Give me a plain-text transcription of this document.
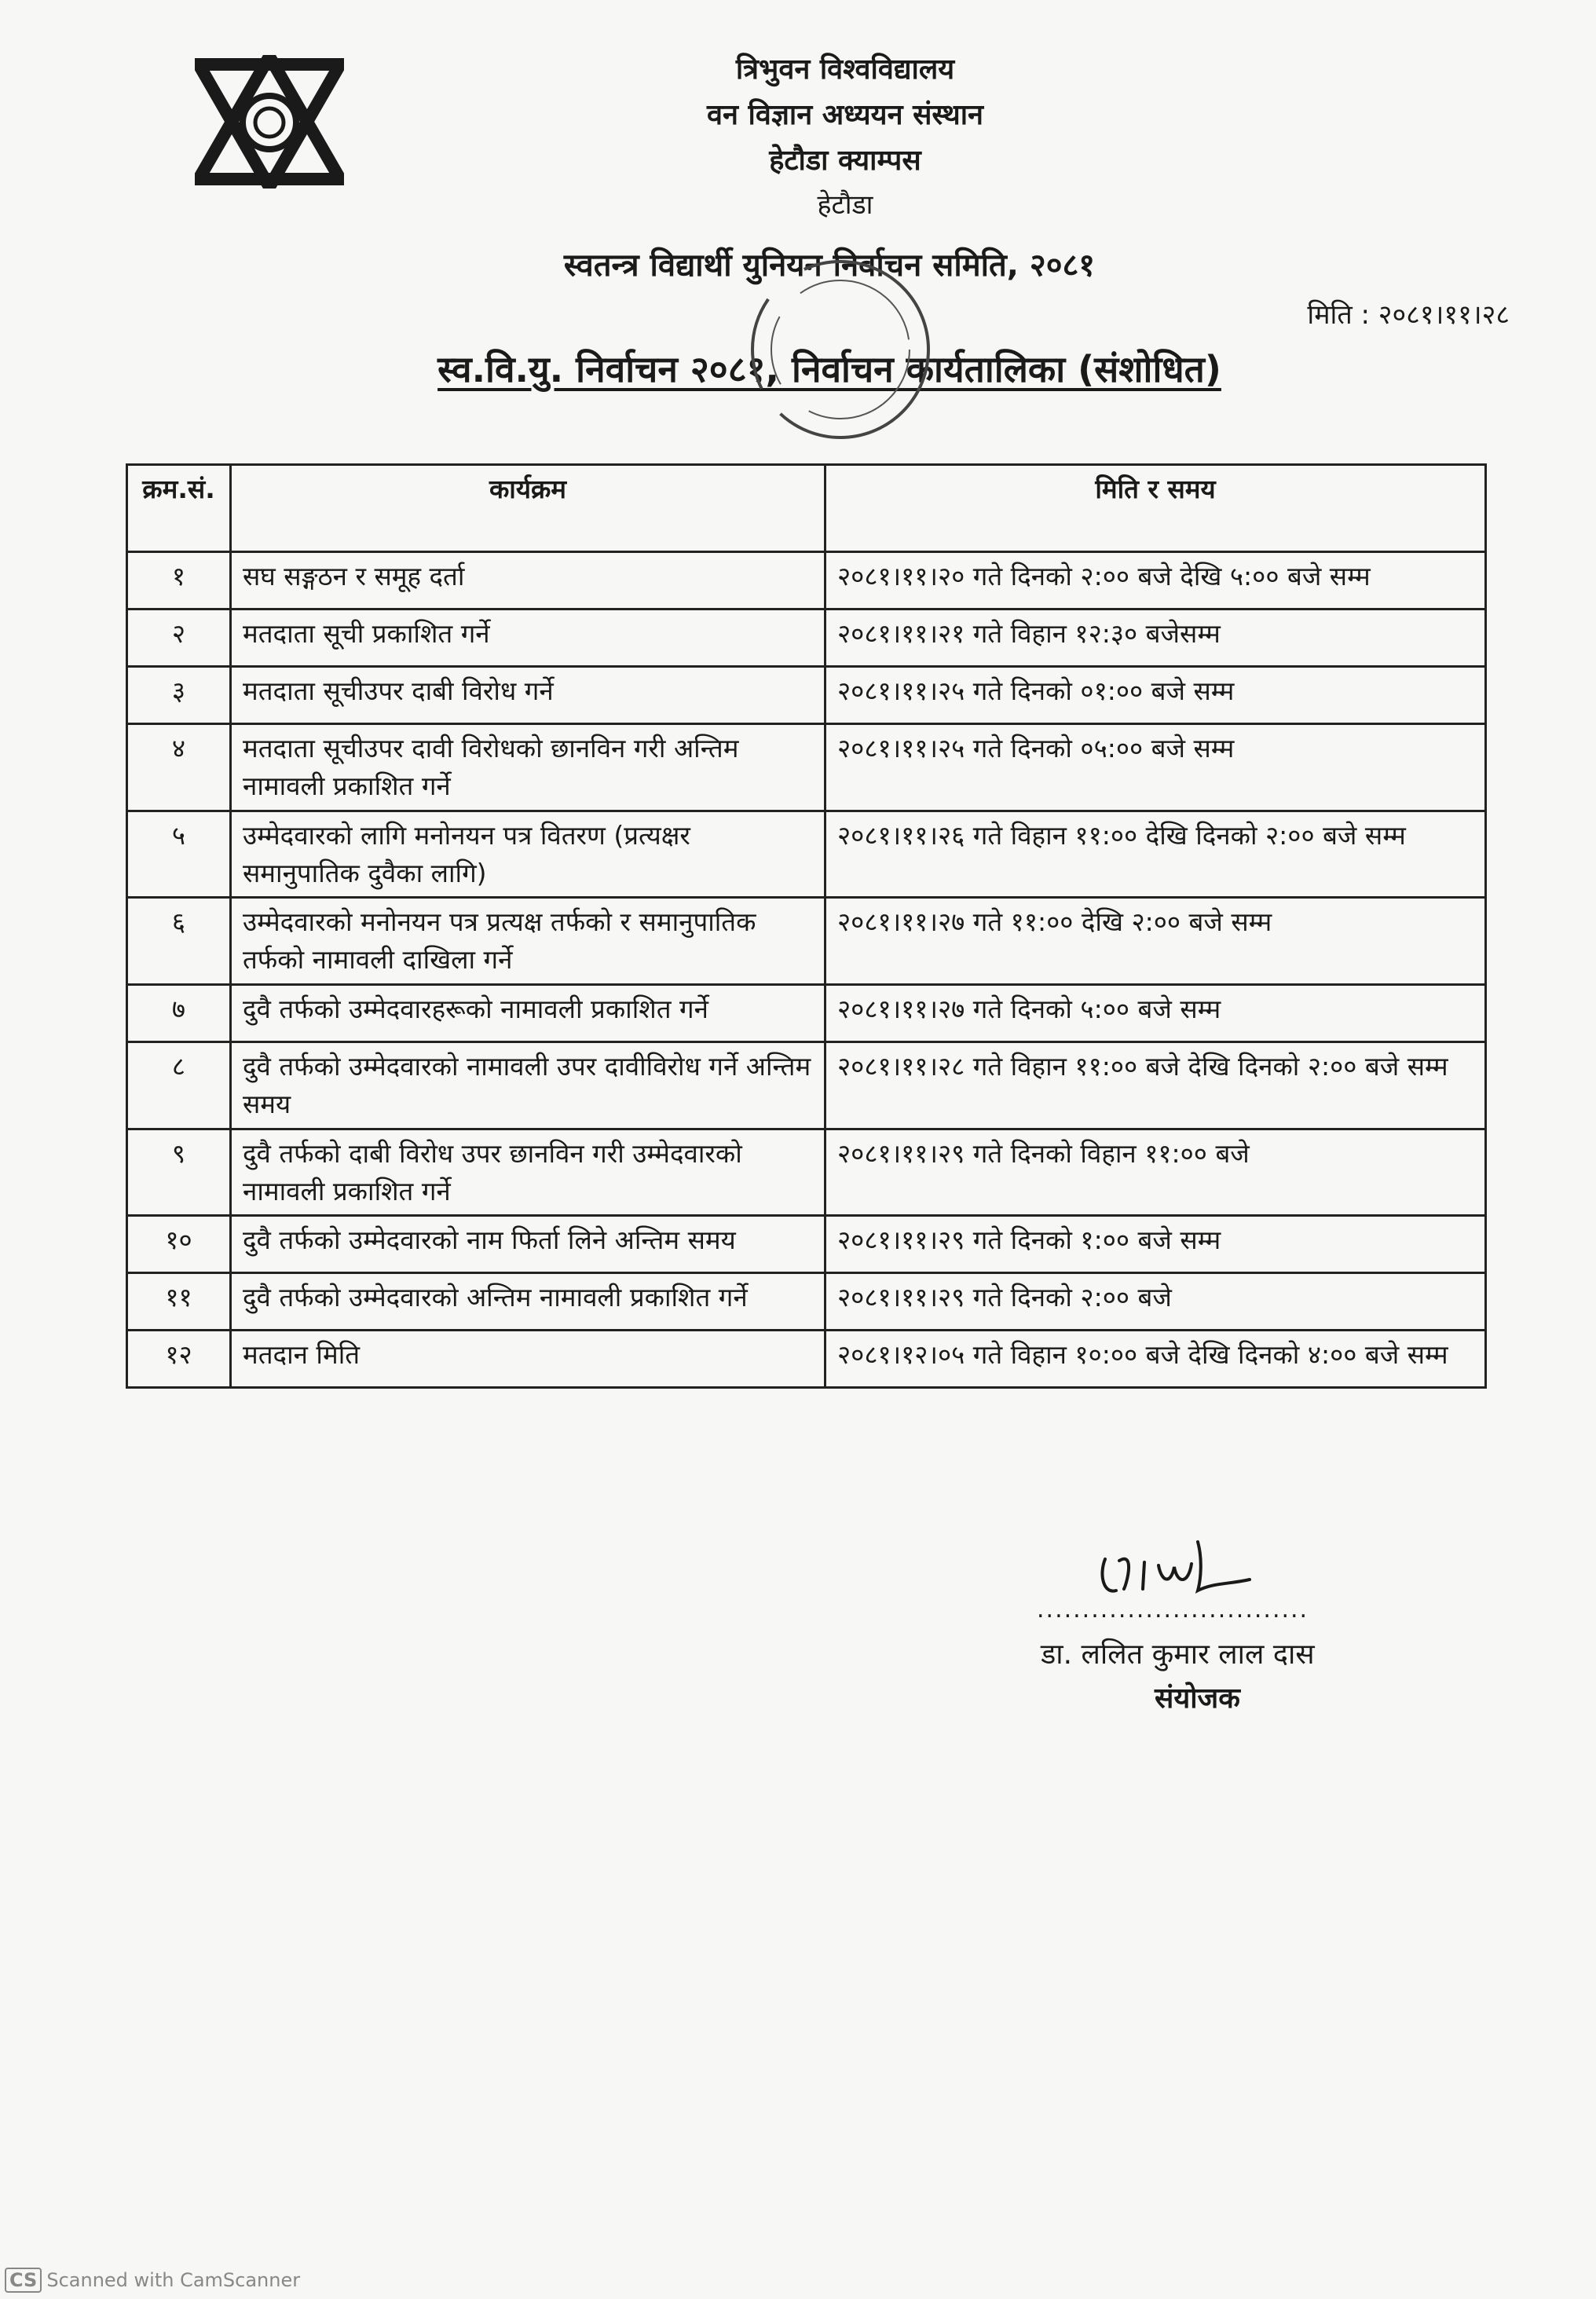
त्रिभुवन विश्वविद्यालय
वन विज्ञान अध्ययन संस्थान
हेटौडा क्याम्पस
हेटौडा
स्वतन्त्र विद्यार्थी युनियन निर्वाचन समिति, २०८१
मिति : २०८१।११।२८
स्व.वि.यु. निर्वाचन २०८१, निर्वाचन कार्यतालिका (संशोधित)
क्रम.सं.	कार्यक्रम	मिति र समय
१	सघ सङ्गठन र समूह दर्ता	२०८१।११।२० गते दिनको २:०० बजे देखि ५:०० बजे सम्म
२	मतदाता सूची प्रकाशित गर्ने	२०८१।११।२१ गते विहान १२:३० बजेसम्म
३	मतदाता सूचीउपर दाबी विरोध गर्ने	२०८१।११।२५ गते दिनको ०१:०० बजे सम्म
४	मतदाता सूचीउपर दावी विरोधको छानविन गरी अन्तिम नामावली प्रकाशित गर्ने	२०८१।११।२५ गते दिनको ०५:०० बजे सम्म
५	उम्मेदवारको लागि मनोनयन पत्र वितरण (प्रत्यक्षर समानुपातिक दुवैका लागि)	२०८१।११।२६ गते विहान ११:०० देखि दिनको २:०० बजे सम्म
६	उम्मेदवारको मनोनयन पत्र प्रत्यक्ष तर्फको र समानुपातिक तर्फको नामावली दाखिला गर्ने	२०८१।११।२७ गते ११:०० देखि २:०० बजे सम्म
७	दुवै तर्फको उम्मेदवारहरूको नामावली प्रकाशित गर्ने	२०८१।११।२७ गते दिनको ५:०० बजे सम्म
८	दुवै तर्फको उम्मेदवारको नामावली उपर दावीविरोध गर्ने अन्तिम समय	२०८१।११।२८ गते विहान ११:०० बजे देखि दिनको २:०० बजे सम्म
९	दुवै तर्फको दाबी विरोध उपर छानविन गरी उम्मेदवारको नामावली प्रकाशित गर्ने	२०८१।११।२९ गते दिनको विहान ११:०० बजे
१०	दुवै तर्फको उम्मेदवारको नाम फिर्ता लिने अन्तिम समय	२०८१।११।२९ गते दिनको १:०० बजे सम्म
११	दुवै तर्फको उम्मेदवारको अन्तिम नामावली प्रकाशित गर्ने	२०८१।११।२९ गते दिनको २:०० बजे
१२	मतदान मिति	२०८१।१२।०५ गते विहान १०:०० बजे देखि दिनको ४:०० बजे सम्म
..............................
डा. ललित कुमार लाल दास
संयोजक
CS Scanned with CamScanner
